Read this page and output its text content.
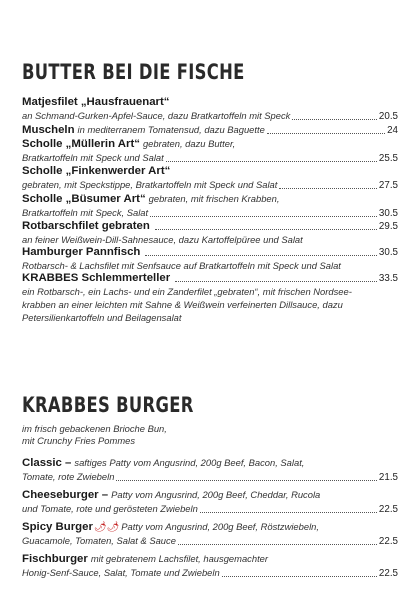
BUTTER BEI DIE FISCHE
Matjesfilet „Hausfrauenart“
an Schmand-Gurken-Apfel-Sauce, dazu Bratkartoffeln mit Speck	20.5
Muscheln in mediterranem Tomatensud, dazu Baguette	24
Scholle „Müllerin Art“ gebraten, dazu Butter,
Bratkartoffeln mit Speck und Salat	25.5
Scholle „Finkenwerder Art“
gebraten, mit Speckstippe, Bratkartoffeln mit Speck und Salat	27.5
Scholle „Büsumer Art“ gebraten, mit frischen Krabben,
Bratkartoffeln mit Speck, Salat	30.5
Rotbarschfilet gebraten	29.5
an feiner Weißwein-Dill-Sahnesauce, dazu Kartoffelpüree und Salat
Hamburger Pannfisch	30.5
Rotbarsch- & Lachsfilet mit Senfsauce auf Bratkartoffeln mit Speck und Salat
KRABBES Schlemmerteller	33.5
ein Rotbarsch-, ein Lachs- und ein Zanderfilet „gebraten“, mit frischen Nordsee-
krabben an einer leichten mit Sahne & Weißwein verfeinerten Dillsauce, dazu
Petersilienkartoffeln und Beilagensalat
KRABBES BURGER
im frisch gebackenen Brioche Bun,
mit Crunchy Fries Pommes
Classic – saftiges Patty vom Angusrind, 200g Beef, Bacon, Salat,
Tomate, rote Zwiebeln	21.5
Cheeseburger – Patty vom Angusrind, 200g Beef, Cheddar, Rucola
und Tomate, rote und gerösteten Zwiebeln	22.5
Spicy Burger 🌶🌶 Patty vom Angusrind, 200g Beef, Röstzwiebeln,
Guacamole, Tomaten, Salat & Sauce	22.5
Fischburger mit gebratenem Lachsfilet, hausgemachter
Honig-Senf-Sauce, Salat, Tomate und Zwiebeln	22.5
